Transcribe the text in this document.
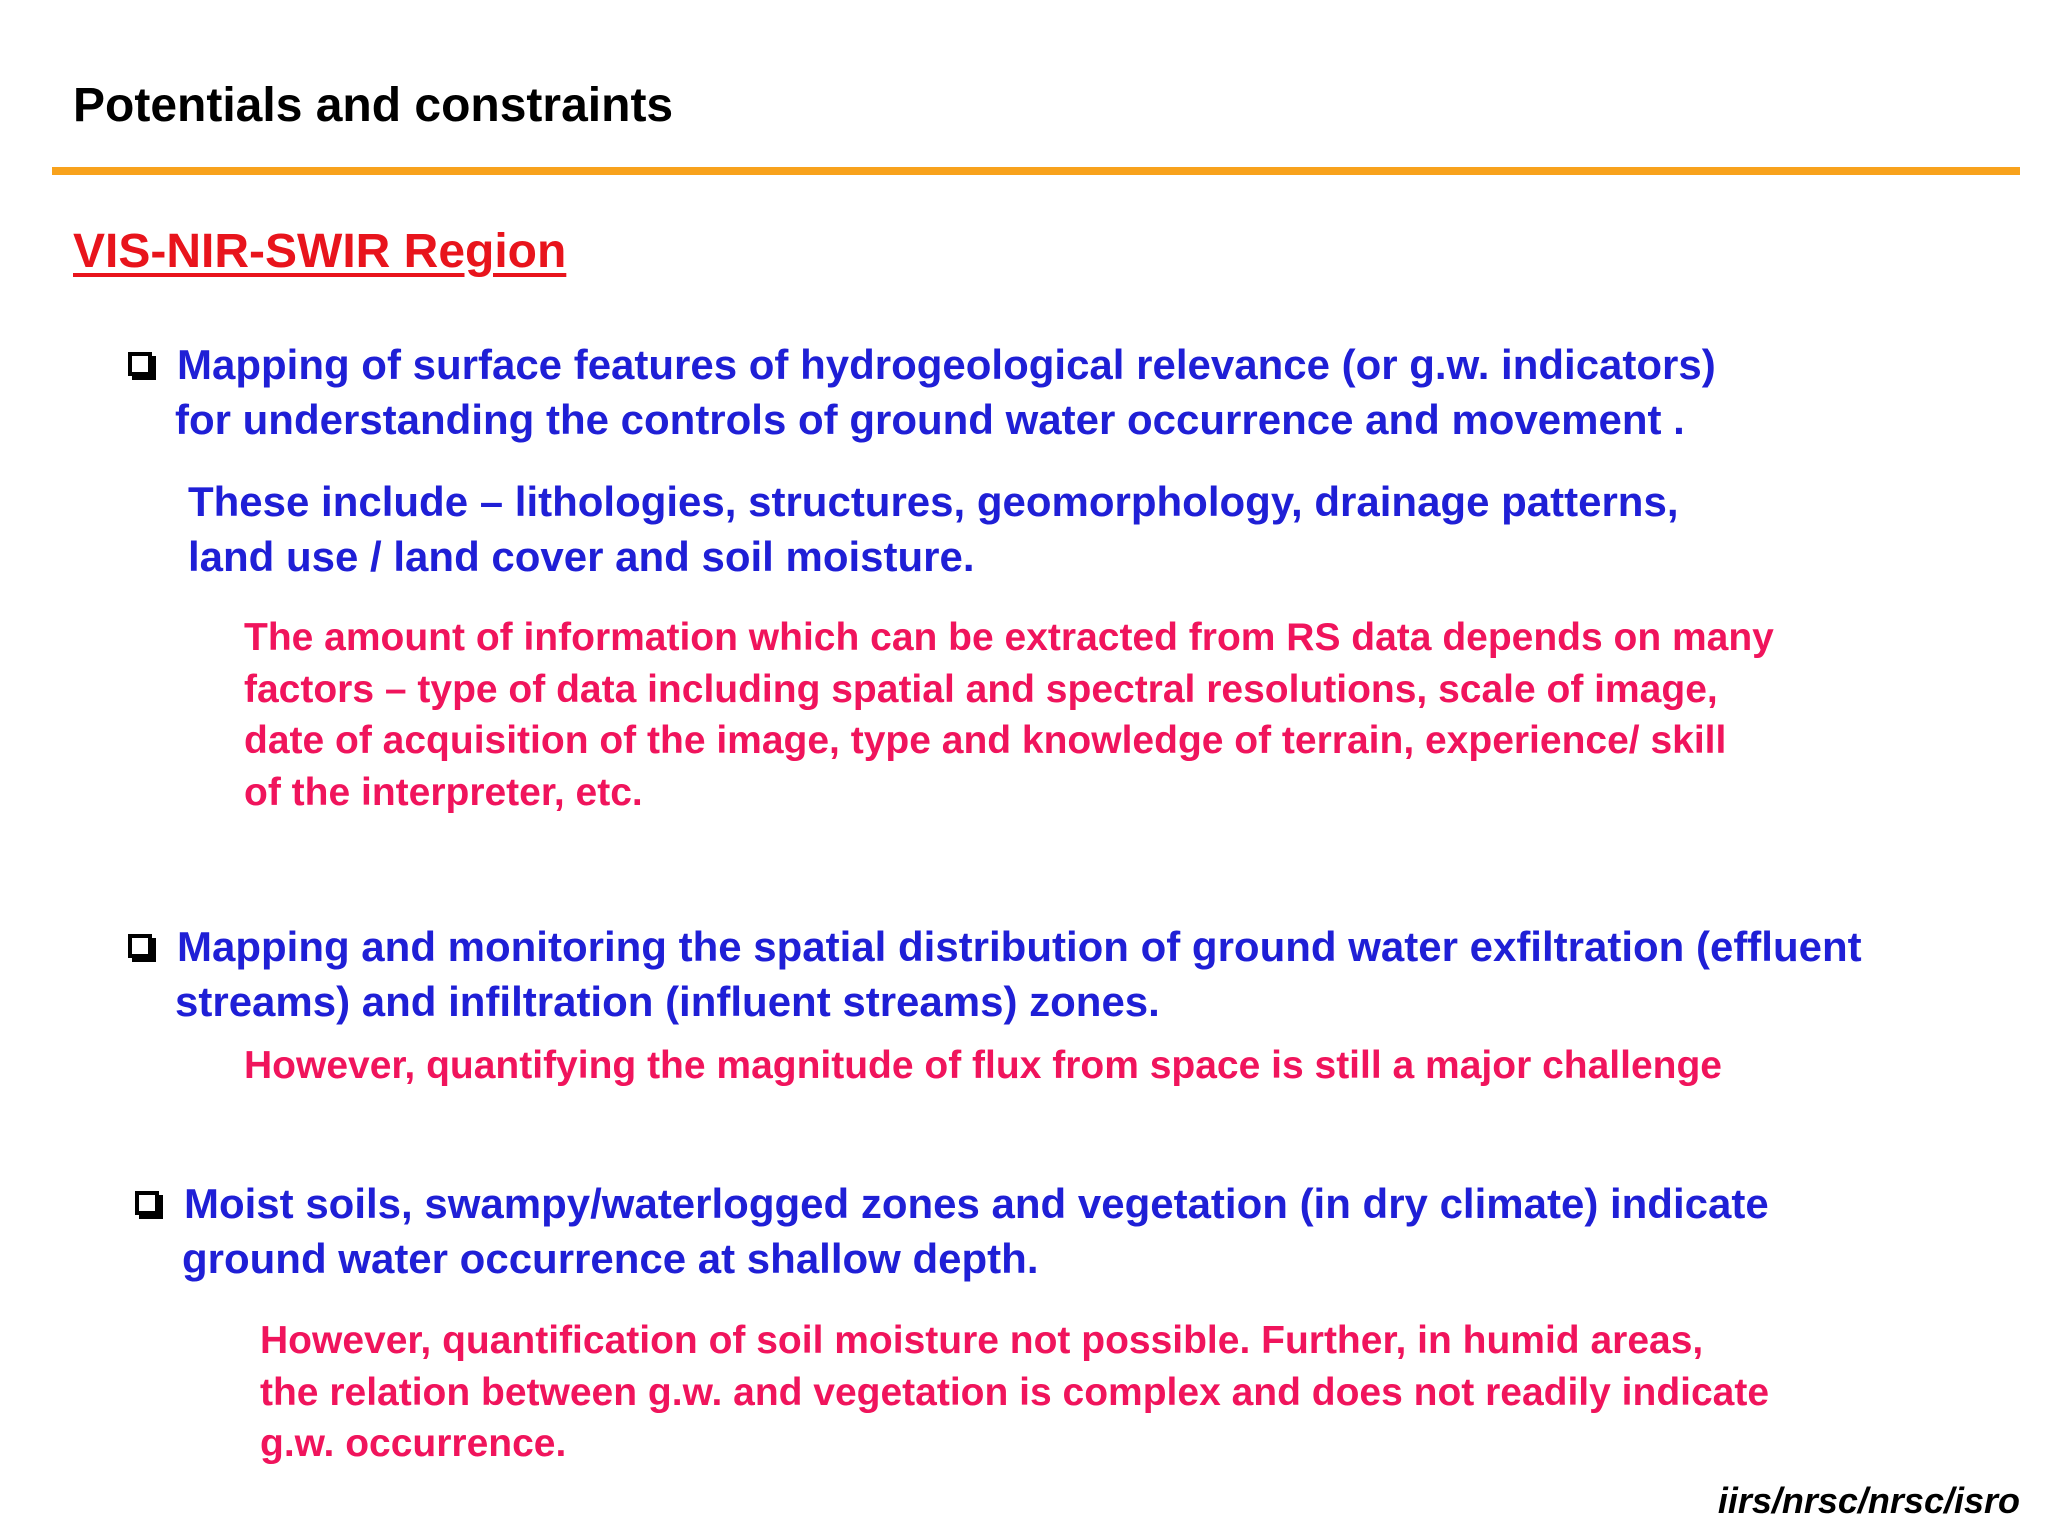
Potentials and constraints
VIS-NIR-SWIR Region
Mapping of surface features of hydrogeological relevance (or g.w. indicators)
for understanding the controls of ground water occurrence and movement .
These include – lithologies, structures, geomorphology, drainage patterns,
land use / land cover and soil moisture.
The amount of information which can be extracted from RS data depends on many
factors – type of data including spatial and spectral resolutions, scale of image,
date of acquisition of the image, type and knowledge of terrain, experience/ skill
of the interpreter, etc.
Mapping and monitoring the spatial distribution of ground water exfiltration (effluent
streams) and infiltration (influent streams) zones.
However, quantifying the magnitude of flux from space is still a major challenge
Moist soils, swampy/waterlogged zones and vegetation (in dry climate) indicate
ground water occurrence at shallow depth.
However, quantification of soil moisture not possible. Further, in humid areas,
the relation between g.w. and vegetation is complex and does not readily indicate
g.w. occurrence.
iirs/nrsc/nrsc/isro
